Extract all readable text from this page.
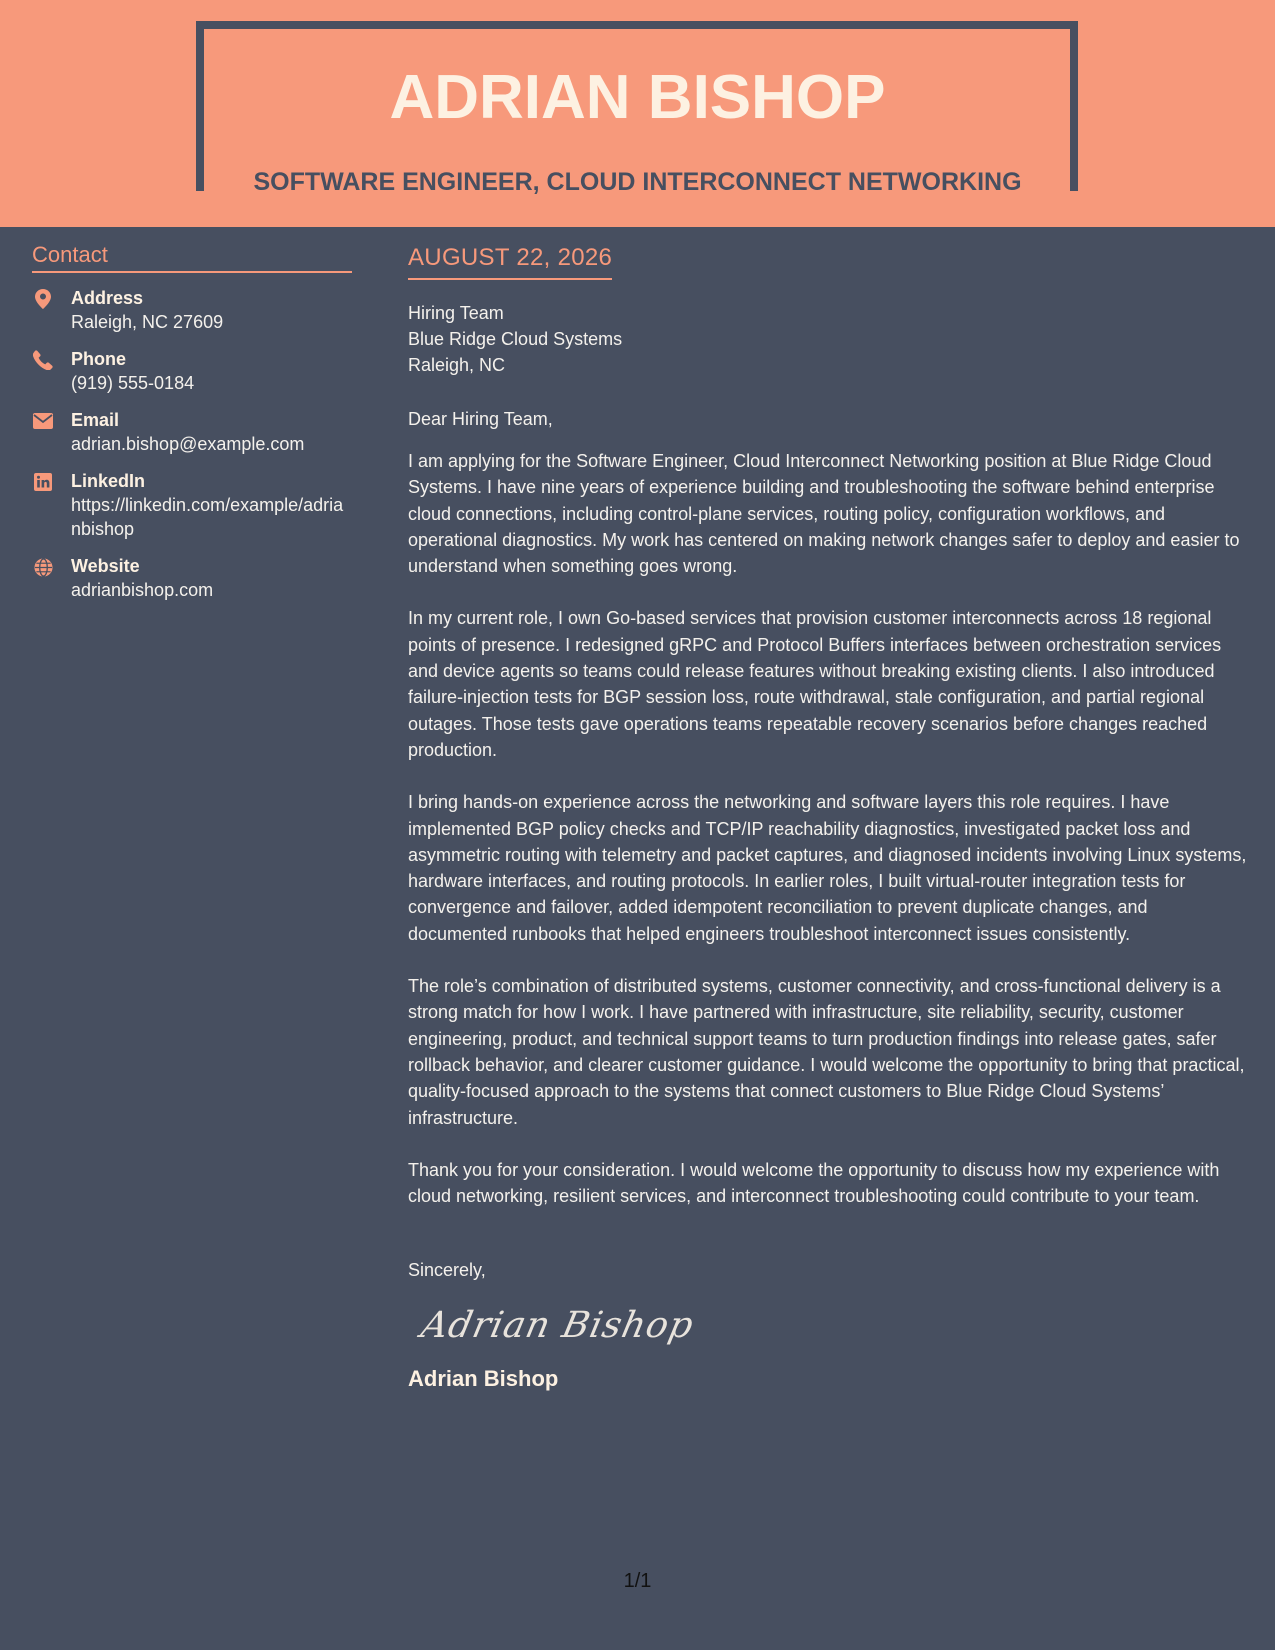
ADRIAN BISHOP
SOFTWARE ENGINEER, CLOUD INTERCONNECT NETWORKING
Contact
Address
Raleigh, NC 27609
Phone
(919) 555-0184
Email
adrian.bishop@example.com
LinkedIn
https://linkedin.com/example/adrianbishop
Website
adrianbishop.com
AUGUST 22, 2026
Hiring Team
Blue Ridge Cloud Systems
Raleigh, NC
Dear Hiring Team,
I am applying for the Software Engineer, Cloud Interconnect Networking position at Blue Ridge Cloud Systems. I have nine years of experience building and troubleshooting the software behind enterprise cloud connections, including control-plane services, routing policy, configuration workflows, and operational diagnostics. My work has centered on making network changes safer to deploy and easier to understand when something goes wrong.
In my current role, I own Go-based services that provision customer interconnects across 18 regional points of presence. I redesigned gRPC and Protocol Buffers interfaces between orchestration services and device agents so teams could release features without breaking existing clients. I also introduced failure-injection tests for BGP session loss, route withdrawal, stale configuration, and partial regional outages. Those tests gave operations teams repeatable recovery scenarios before changes reached production.
I bring hands-on experience across the networking and software layers this role requires. I have implemented BGP policy checks and TCP/IP reachability diagnostics, investigated packet loss and asymmetric routing with telemetry and packet captures, and diagnosed incidents involving Linux systems, hardware interfaces, and routing protocols. In earlier roles, I built virtual-router integration tests for convergence and failover, added idempotent reconciliation to prevent duplicate changes, and documented runbooks that helped engineers troubleshoot interconnect issues consistently.
The role’s combination of distributed systems, customer connectivity, and cross-functional delivery is a strong match for how I work. I have partnered with infrastructure, site reliability, security, customer engineering, product, and technical support teams to turn production findings into release gates, safer rollback behavior, and clearer customer guidance. I would welcome the opportunity to bring that practical, quality-focused approach to the systems that connect customers to Blue Ridge Cloud Systems’ infrastructure.
Thank you for your consideration. I would welcome the opportunity to discuss how my experience with cloud networking, resilient services, and interconnect troubleshooting could contribute to your team.
Sincerely,
Adrian Bishop
Adrian Bishop
1/1
